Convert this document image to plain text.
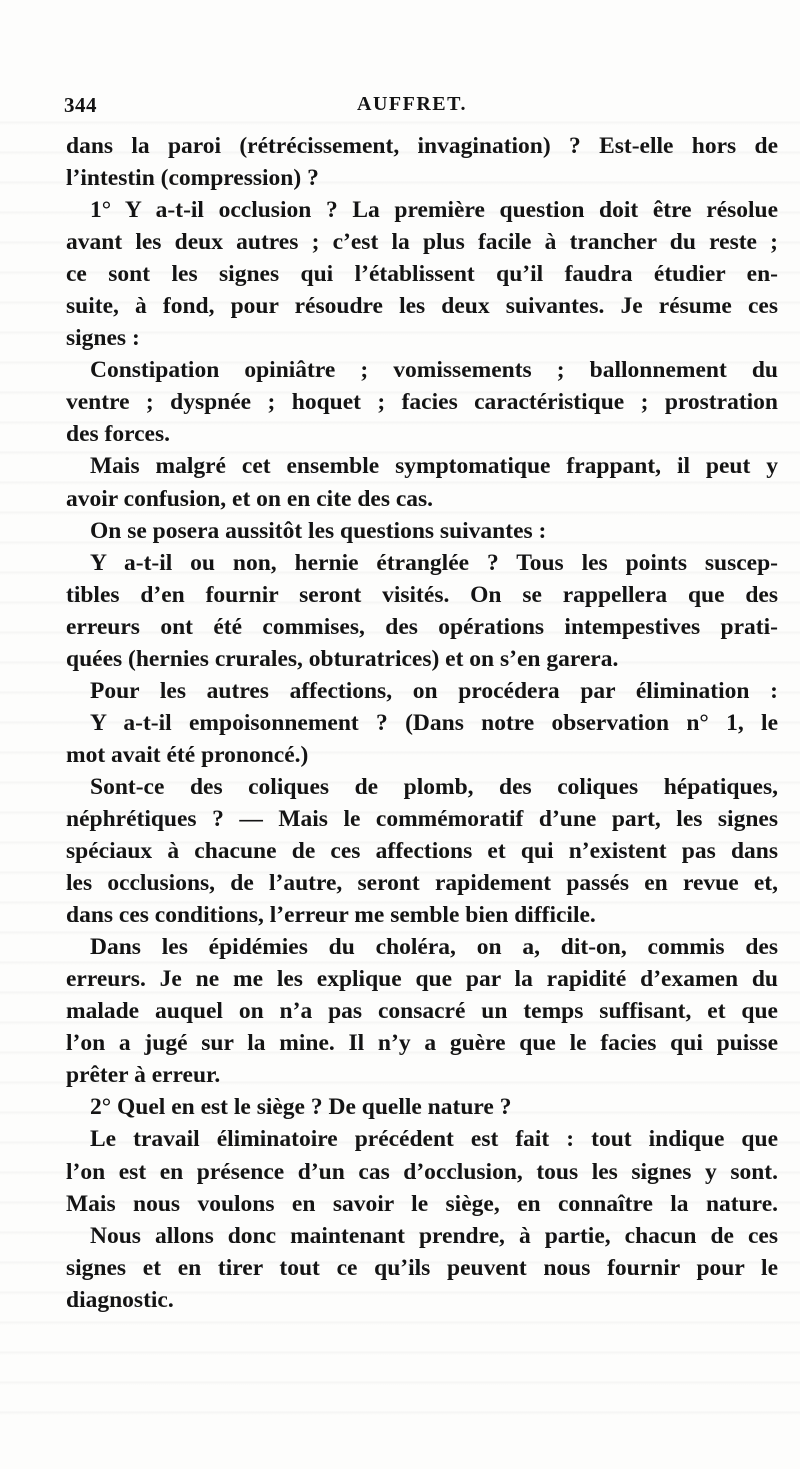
344	AUFFRET.
dans la paroi (rétrécissement, invagination) ? Est-elle hors de
l’intestin (compression) ?
1° Y a-t-il occlusion ? La première question doit être résolue
avant les deux autres ; c’est la plus facile à trancher du reste ;
ce sont les signes qui l’établissent qu’il faudra étudier en-
suite, à fond, pour résoudre les deux suivantes. Je résume ces
signes :
Constipation opiniâtre ; vomissements ; ballonnement du
ventre ; dyspnée ; hoquet ; facies caractéristique ; prostration
des forces.
Mais malgré cet ensemble symptomatique frappant, il peut y
avoir confusion, et on en cite des cas.
On se posera aussitôt les questions suivantes :
Y a-t-il ou non, hernie étranglée ? Tous les points suscep-
tibles d’en fournir seront visités. On se rappellera que des
erreurs ont été commises, des opérations intempestives prati-
quées (hernies crurales, obturatrices) et on s’en garera.
Pour les autres affections, on procédera par élimination :
Y a-t-il empoisonnement ? (Dans notre observation n° 1, le
mot avait été prononcé.)
Sont-ce des coliques de plomb, des coliques hépatiques,
néphrétiques ? — Mais le commémoratif d’une part, les signes
spéciaux à chacune de ces affections et qui n’existent pas dans
les occlusions, de l’autre, seront rapidement passés en revue et,
dans ces conditions, l’erreur me semble bien difficile.
Dans les épidémies du choléra, on a, dit-on, commis des
erreurs. Je ne me les explique que par la rapidité d’examen du
malade auquel on n’a pas consacré un temps suffisant, et que
l’on a jugé sur la mine. Il n’y a guère que le facies qui puisse
prêter à erreur.
2° Quel en est le siège ? De quelle nature ?
Le travail éliminatoire précédent est fait : tout indique que
l’on est en présence d’un cas d’occlusion, tous les signes y sont.
Mais nous voulons en savoir le siège, en connaître la nature.
Nous allons donc maintenant prendre, à partie, chacun de ces
signes et en tirer tout ce qu’ils peuvent nous fournir pour le
diagnostic.
